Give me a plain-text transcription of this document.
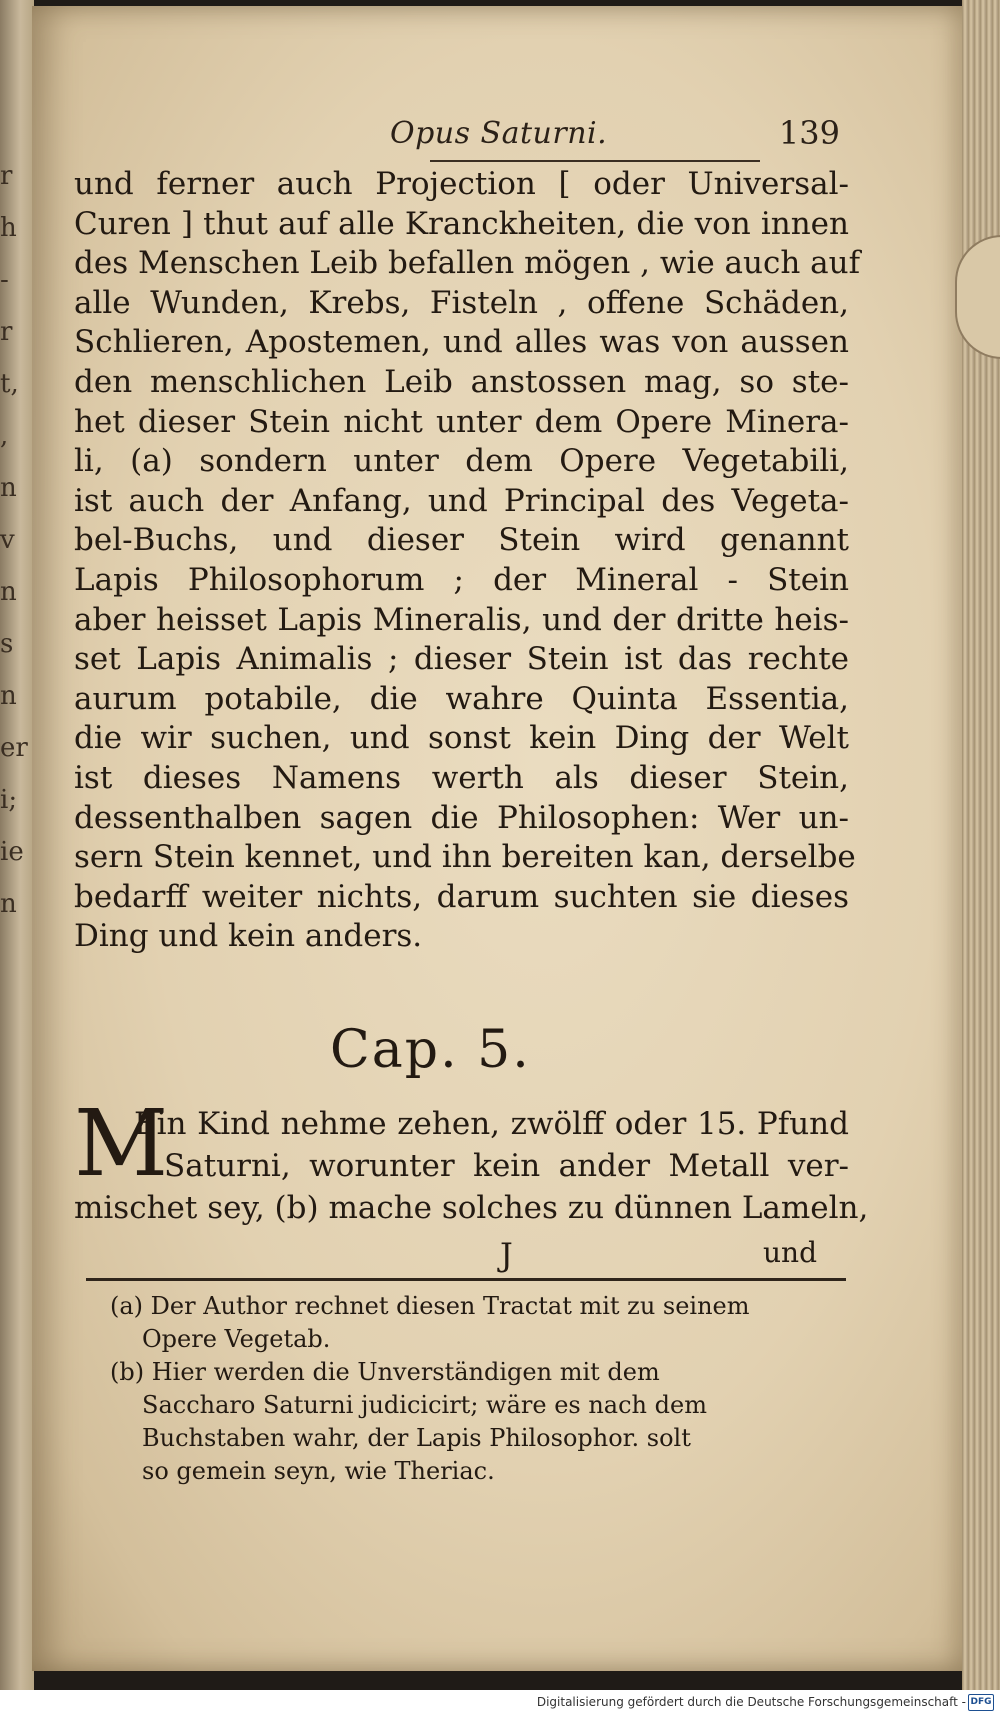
r
h
-
r
t,
,
n
v
n
s
n
er
i;
ie
n
Opus Saturni.	139
und ferner auch Projection [ oder Universal-
Curen ] thut auf alle Kranckheiten, die von innen
des Menschen Leib befallen mögen , wie auch auf
alle Wunden, Krebs, Fisteln , offene Schäden,
Schlieren, Apostemen, und alles was von aussen
den menschlichen Leib anstossen mag, so ste-
het dieser Stein nicht unter dem Opere Minera-
li, (a) sondern unter dem Opere Vegetabili,
ist auch der Anfang, und Principal des Vegeta-
bel-Buchs, und dieser Stein wird genannt
Lapis Philosophorum ; der Mineral - Stein
aber heisset Lapis Mineralis, und der dritte heis-
set Lapis Animalis ; dieser Stein ist das rechte
aurum potabile, die wahre Quinta Essentia,
die wir suchen, und sonst kein Ding der Welt
ist dieses Namens werth als dieser Stein,
dessenthalben sagen die Philosophen: Wer un-
sern Stein kennet, und ihn bereiten kan, derselbe
bedarff weiter nichts, darum suchten sie dieses
Ding und kein anders.
Cap. 5.
M
Ein Kind nehme zehen, zwölff oder 15. Pfund
Saturni, worunter kein ander Metall ver-
mischet sey, (b) mache solches zu dünnen Lameln,
J	und
(a) Der Author rechnet diesen Tractat mit zu seinem
Opere Vegetab.
(b) Hier werden die Unverständigen mit dem
Saccharo Saturni judicicirt; wäre es nach dem
Buchstaben wahr, der Lapis Philosophor. solt
so gemein seyn, wie Theriac.
Digitalisierung gefördert durch die Deutsche Forschungsgemeinschaft - DFG
